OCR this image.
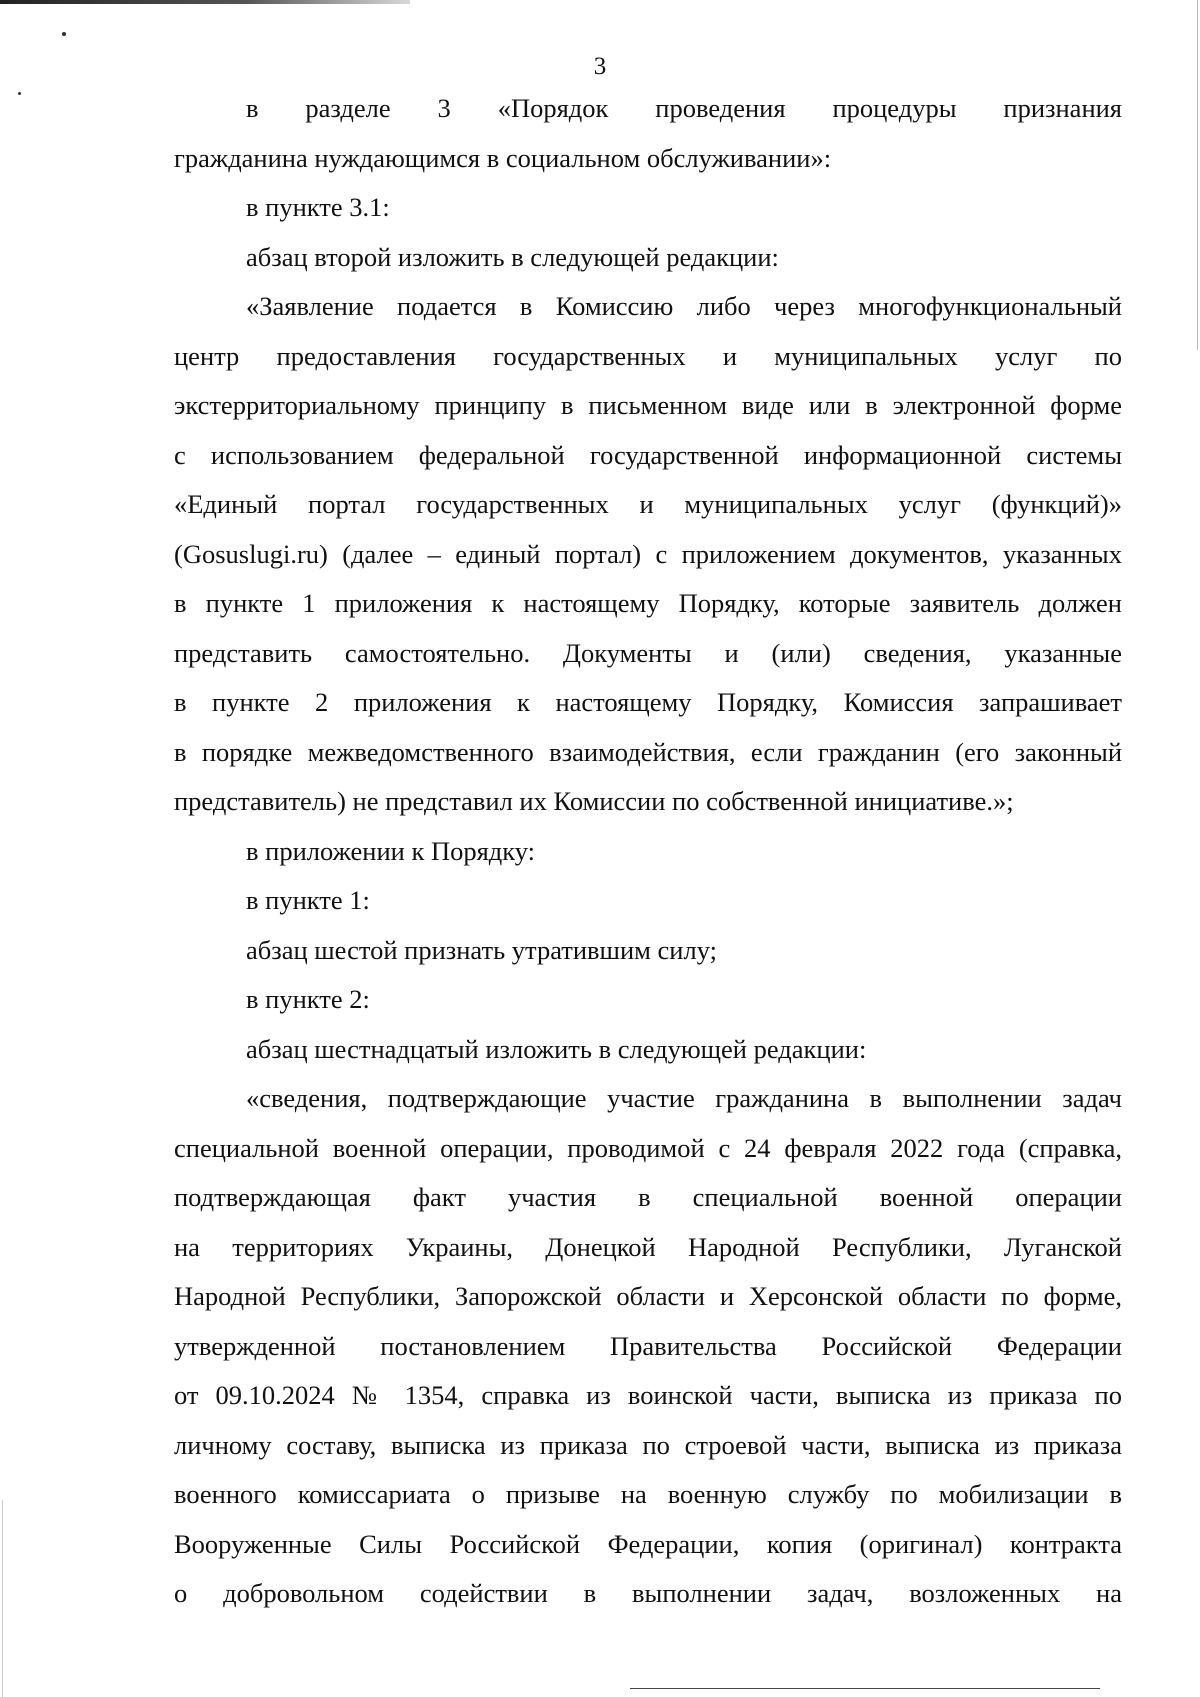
3
в разделе 3 «Порядок проведения процедуры признания
гражданина нуждающимся в социальном обслуживании»:
в пункте 3.1:
абзац второй изложить в следующей редакции:
«Заявление подается в Комиссию либо через многофункциональный
центр предоставления государственных и муниципальных услуг по
экстерриториальному принципу в письменном виде или в электронной форме
с использованием федеральной государственной информационной системы
«Единый портал государственных и муниципальных услуг (функций)»
(Gosuslugi.ru) (далее – единый портал) с приложением документов, указанных
в пункте 1 приложения к настоящему Порядку, которые заявитель должен
представить самостоятельно. Документы и (или) сведения, указанные
в пункте 2 приложения к настоящему Порядку, Комиссия запрашивает
в порядке межведомственного взаимодействия, если гражданин (его законный
представитель) не представил их Комиссии по собственной инициативе.»;
в приложении к Порядку:
в пункте 1:
абзац шестой признать утратившим силу;
в пункте 2:
абзац шестнадцатый изложить в следующей редакции:
«сведения, подтверждающие участие гражданина в выполнении задач
специальной военной операции, проводимой с 24 февраля 2022 года (справка,
подтверждающая факт участия в специальной военной операции
на территориях Украины, Донецкой Народной Республики, Луганской
Народной Республики, Запорожской области и Херсонской области по форме,
утвержденной постановлением Правительства Российской Федерации
от 09.10.2024 № 1354, справка из воинской части, выписка из приказа по
личному составу, выписка из приказа по строевой части, выписка из приказа
военного комиссариата о призыве на военную службу по мобилизации в
Вооруженные Силы Российской Федерации, копия (оригинал) контракта
о добровольном содействии в выполнении задач, возложенных на
